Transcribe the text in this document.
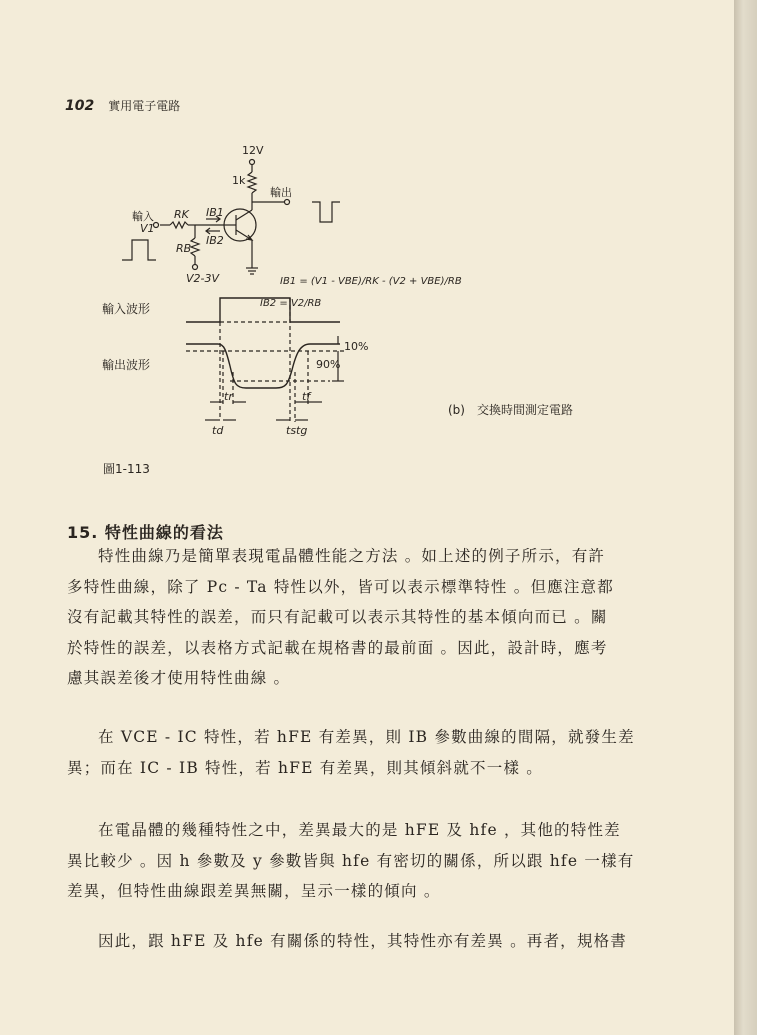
102 實用電子電路
12V
1k
輸出
輸入
V1
RK
RB
V2-3V
IB1
IB2
IB1 = (V1 - VBE)/RK - (V2 + VBE)/RB
IB2 = V2/RB
輸入波形
輸出波形
10%
90%
tr	tf
td	tstg
(b)　交換時間測定電路
圖1-113
15. 特性曲線的看法
特性曲線乃是簡單表現電晶體性能之方法 。如上述的例子所示，有許
多特性曲線，除了 Pc - Ta 特性以外，皆可以表示標準特性 。但應注意都
沒有記載其特性的誤差，而只有記載可以表示其特性的基本傾向而已 。關
於特性的誤差，以表格方式記載在規格書的最前面 。因此，設計時，應考
慮其誤差後才使用特性曲線 。
在 VCE - IC 特性，若 hFE 有差異，則 IB 參數曲線的間隔，就發生差
異；而在 IC - IB 特性，若 hFE 有差異，則其傾斜就不一樣 。
在電晶體的幾種特性之中，差異最大的是 hFE 及 hfe ，其他的特性差
異比較少 。因 h 參數及 y 參數皆與 hfe 有密切的關係，所以跟 hfe 一樣有
差異，但特性曲線跟差異無關，呈示一樣的傾向 。
因此，跟 hFE 及 hfe 有關係的特性，其特性亦有差異 。再者，規格書
